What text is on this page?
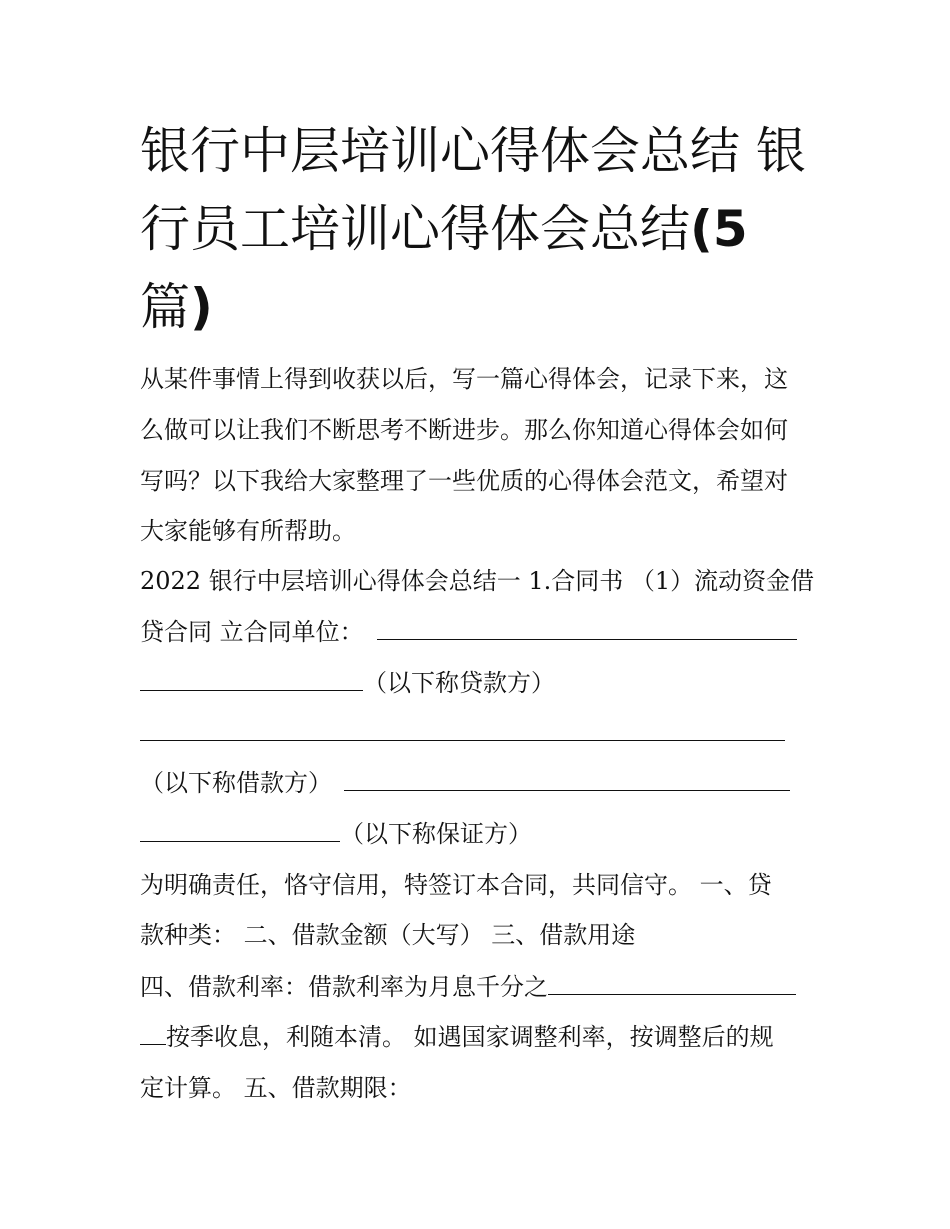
银行中层培训心得体会总结 银
行员工培训心得体会总结(5
篇)

从某件事情上得到收获以后，写一篇心得体会，记录下来，这

么做可以让我们不断思考不断进步。那么你知道心得体会如何

写吗？以下我给大家整理了一些优质的心得体会范文，希望对

大家能够有所帮助。

2022 银行中层培训心得体会总结一 1.合同书 （1）流动资金借

贷合同 立合同单位：

（以下称贷款方）

（以下称借款方）

（以下称保证方）

为明确责任，恪守信用，特签订本合同，共同信守。 一、贷

款种类： 二、借款金额（大写） 三、借款用途

四、借款利率：借款利率为月息千分之

按季收息，利随本清。 如遇国家调整利率，按调整后的规

定计算。 五、借款期限：
